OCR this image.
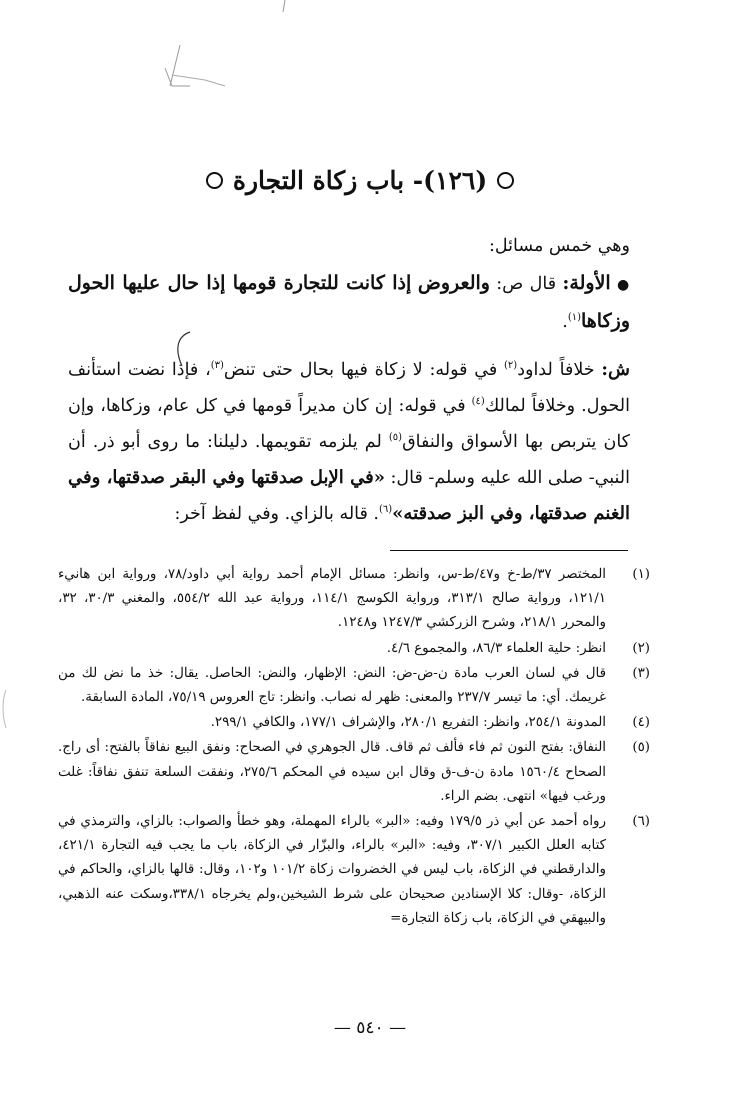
(١٢٦)- باب زكاة التجارة
وهي خمس مسائل:
● الأولة: قال ص: والعروض إذا كانت للتجارة قومها إذا حال عليها الحول وزكاها$^{(١)}$.
ش: خلافاً لداود$^{(٢)}$ في قوله: لا زكاة فيها بحال حتى تنض$^{(٣)}$، فإذا نضت استأنف الحول. وخلافاً لمالك$^{(٤)}$ في قوله: إن كان مديراً قومها في كل عام، وزكاها، وإن كان يتربص بها الأسواق والنفاق$^{(٥)}$ لم يلزمه تقويمها. دليلنا: ما روى أبو ذر. أن النبي- صلى الله عليه وسلم- قال: «في الإبل صدقتها وفي البقر صدقتها، وفي الغنم صدقتها، وفي البز صدقته»$^{(٦)}$. قاله بالزاي. وفي لفظ آخر:
(١)
المختصر ٣٧/ط-خ و٤٧/ط-س، وانظر: مسائل الإمام أحمد رواية أبي داود/٧٨، ورواية ابن هانيء ١٢١/١، ورواية صالح ٣١٣/١، ورواية الكوسج ١١٤/١، ورواية عبد الله ٥٥٤/٢، والمغني ٣٠/٣، ٣٢، والمحرر ٢١٨/١، وشرح الزركشي ١٢٤٧/٣ و١٢٤٨.
(٢)
انظر: حلية العلماء ٨٦/٣، والمجموع ٤/٦.
(٣)
قال في لسان العرب مادة ن-ض-ض: النض: الإظهار، والنض: الحاصل. يقال: خذ ما نض لك من غريمك. أي: ما تيسر ٢٣٧/٧ والمعنى: ظهر له نصاب. وانظر: تاج العروس ٧٥/١٩، المادة السابقة.
(٤)
المدونة ٢٥٤/١، وانظر: التفريع ٢٨٠/١، والإشراف ١٧٧/١، والكافي ٢٩٩/١.
(٥)
النفاق: بفتح النون ثم فاء فألف ثم قاف. قال الجوهري في الصحاح: ونفق البيع نفاقاً بالفتح: أى راج. الصحاح ١٥٦٠/٤ مادة ن-ف-ق وقال ابن سيده في المحكم ٢٧٥/٦، ونفقت السلعة تنفق نفاقاً: غلت ورغب فيها» انتهى. بضم الراء.
(٦)
رواه أحمد عن أبي ذر ١٧٩/٥ وفيه: «البر» بالراء المهملة، وهو خطأ والصواب: بالزاي، والترمذي في كتابه العلل الكبير ٣٠٧/١، وفيه: «البر» بالراء، والبزّار في الزكاة، باب ما يجب فيه التجارة ٤٢١/١، والدارقطني في الزكاة، باب ليس في الخضروات زكاة ١٠١/٢ و١٠٢، وقال: قالها بالزاي، والحاكم في الزكاة، -وقال: كلا الإسنادين صحيحان على شرط الشيخين،ولم يخرجاه ٣٣٨/١،وسكت عنه الذهبي، والبيهقي في الزكاة، باب زكاة التجارة=
— ٥٤٠ —
